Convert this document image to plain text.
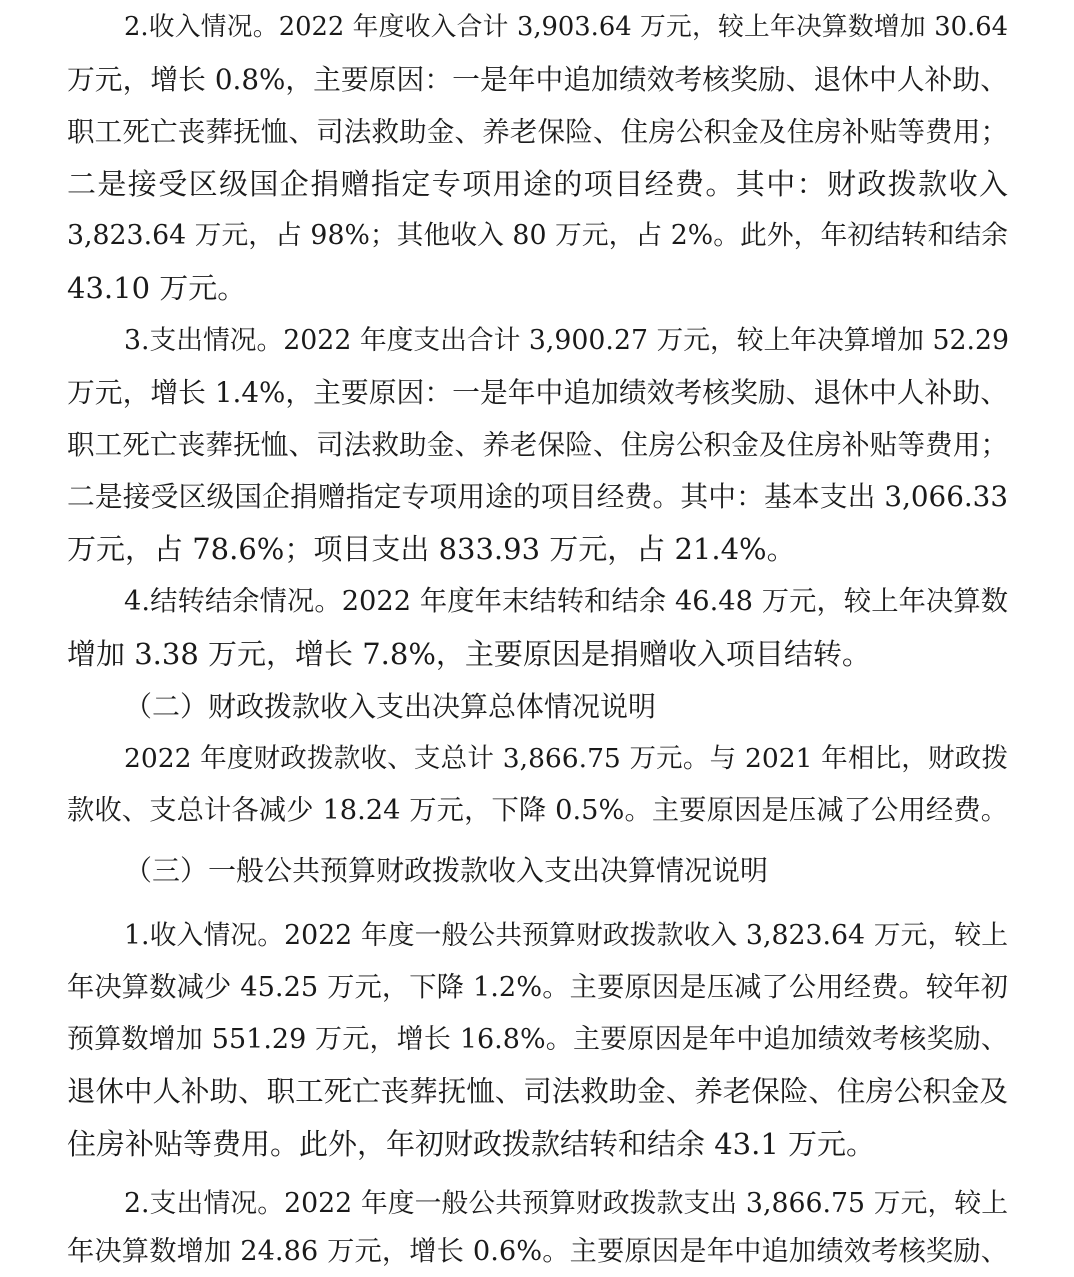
2.收入情况。2022 年度收入合计 3,903.64 万元，较上年决算数增加 30.64
万元，增长 0.8%，主要原因：一是年中追加绩效考核奖励、退休中人补助、
职工死亡丧葬抚恤、司法救助金、养老保险、住房公积金及住房补贴等费用；
二是接受区级国企捐赠指定专项用途的项目经费。其中：财政拨款收入
3,823.64 万元，占 98%；其他收入 80 万元，占 2%。此外，年初结转和结余
43.10 万元。
3.支出情况。2022 年度支出合计 3,900.27 万元，较上年决算增加 52.29
万元，增长 1.4%，主要原因：一是年中追加绩效考核奖励、退休中人补助、
职工死亡丧葬抚恤、司法救助金、养老保险、住房公积金及住房补贴等费用；
二是接受区级国企捐赠指定专项用途的项目经费。其中：基本支出 3,066.33
万元，占 78.6%；项目支出 833.93 万元，占 21.4%。
4.结转结余情况。2022 年度年末结转和结余 46.48 万元，较上年决算数
增加 3.38 万元，增长 7.8%，主要原因是捐赠收入项目结转。
（二）财政拨款收入支出决算总体情况说明
2022 年度财政拨款收、支总计 3,866.75 万元。与 2021 年相比，财政拨
款收、支总计各减少 18.24 万元，下降 0.5%。主要原因是压减了公用经费。
（三）一般公共预算财政拨款收入支出决算情况说明
1.收入情况。2022 年度一般公共预算财政拨款收入 3,823.64 万元，较上
年决算数减少 45.25 万元，下降 1.2%。主要原因是压减了公用经费。较年初
预算数增加 551.29 万元，增长 16.8%。主要原因是年中追加绩效考核奖励、
退休中人补助、职工死亡丧葬抚恤、司法救助金、养老保险、住房公积金及
住房补贴等费用。此外，年初财政拨款结转和结余 43.1 万元。
2.支出情况。2022 年度一般公共预算财政拨款支出 3,866.75 万元，较上
年决算数增加 24.86 万元，增长 0.6%。主要原因是年中追加绩效考核奖励、
